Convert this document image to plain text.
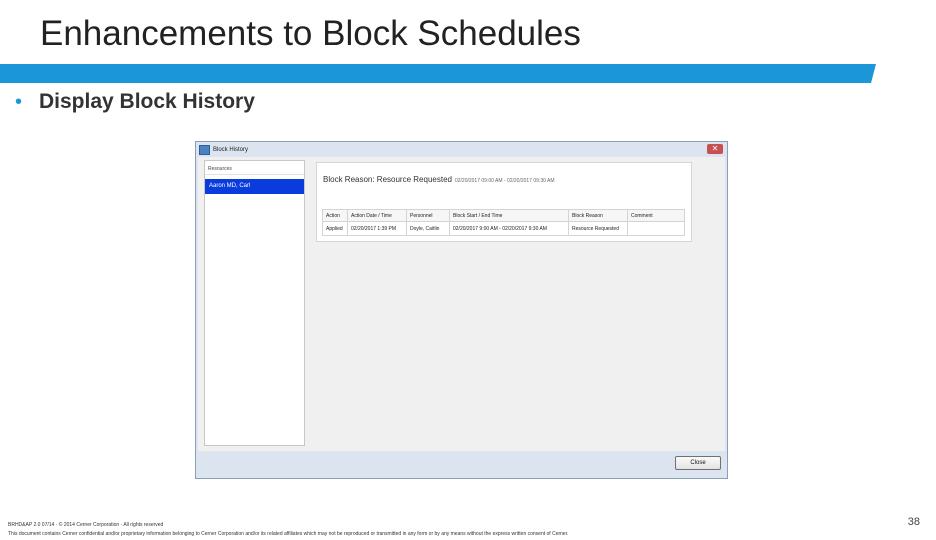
Enhancements to Block Schedules
• Display Block History
Block History	✕
Resources
Aaron MD, Carl
Block Reason: Resource Requested 02/20/2017 09:00 AM - 02/20/2017 09:30 AM
Action	Action Date / Time	Personnel	Block Start / End Time	Block Reason	Comment
Applied	02/20/2017 1:39 PM	Doyle, Caitlin	02/20/2017 9:00 AM - 02/20/2017 9:30 AM	Resource Requested	
Close
BRHD&AP 2.0 07/14 · © 2014 Cerner Corporation · All rights reserved
This document contains Cerner confidential and/or proprietary information belonging to Cerner Corporation and/or its related affiliates which may not be reproduced or transmitted in any form or by any means without the express written consent of Cerner.
38
